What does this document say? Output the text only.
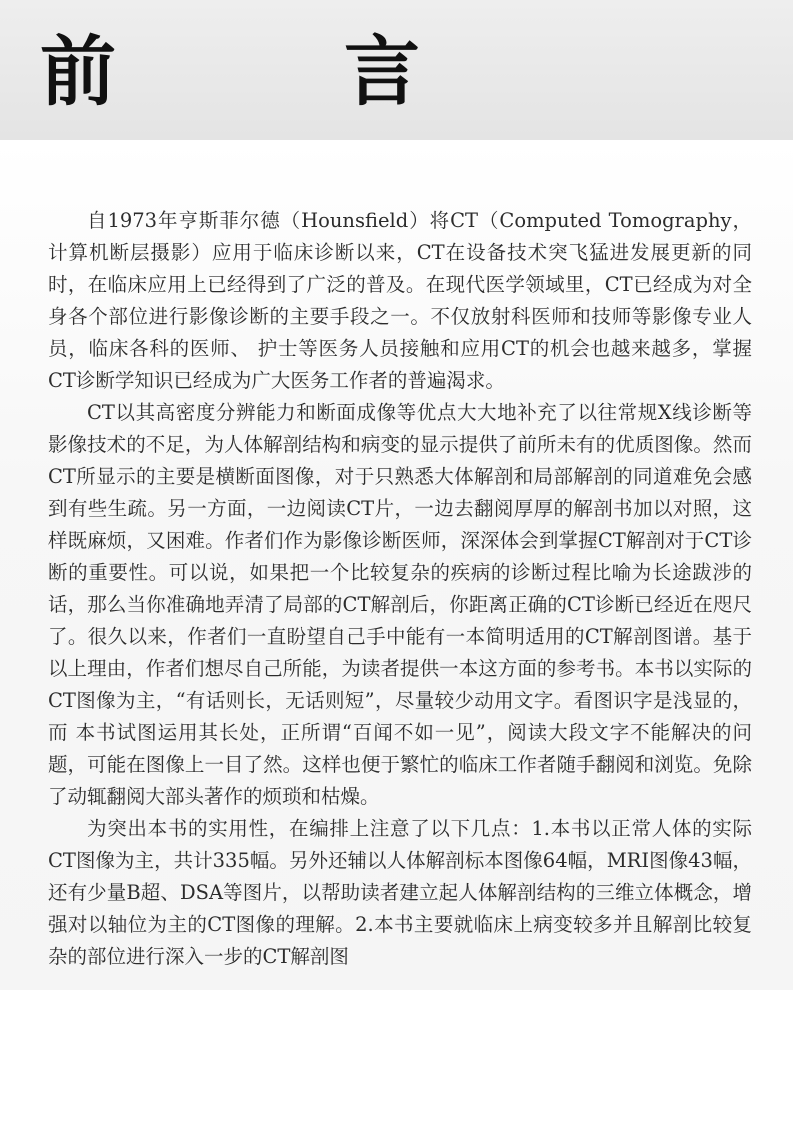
前　言

自1973年亨斯菲尔德（Hounsfield）将CT（Computed Tomography，计算机断层摄影）应用于临床诊断以来，CT在设备技术突飞猛进发展更新的同时，在临床应用上已经得到了广泛的普及。在现代医学领域里，CT已经成为对全身各个部位进行影像诊断的主要手段之一。不仅放射科医师和技师等影像专业人员，临床各科的医师、 护士等医务人员接触和应用CT的机会也越来越多，掌握CT诊断学知识已经成为广大医务工作者的普遍渴求。

CT以其高密度分辨能力和断面成像等优点大大地补充了以往常规X线诊断等影像技术的不足，为人体解剖结构和病变的显示提供了前所未有的优质图像。然而CT所显示的主要是横断面图像，对于只熟悉大体解剖和局部解剖的同道难免会感到有些生疏。另一方面，一边阅读CT片，一边去翻阅厚厚的解剖书加以对照，这样既麻烦，又困难。作者们作为影像诊断医师，深深体会到掌握CT解剖对于CT诊断的重要性。可以说，如果把一个比较复杂的疾病的诊断过程比喻为长途跋涉的话，那么当你准确地弄清了局部的CT解剖后，你距离正确的CT诊断已经近在咫尺了。很久以来，作者们一直盼望自己手中能有一本简明适用的CT解剖图谱。基于以上理由，作者们想尽自己所能，为读者提供一本这方面的参考书。本书以实际的CT图像为主，“有话则长，无话则短”，尽量较少动用文字。看图识字是浅显的，而 本书试图运用其长处，正所谓“百闻不如一见”，阅读大段文字不能解决的问题，可能在图像上一目了然。这样也便于繁忙的临床工作者随手翻阅和浏览。免除了动辄翻阅大部头著作的烦琐和枯燥。

为突出本书的实用性，在编排上注意了以下几点：1.本书以正常人体的实际CT图像为主，共计335幅。另外还辅以人体解剖标本图像64幅，MRI图像43幅，还有少量B超、DSA等图片，以帮助读者建立起人体解剖结构的三维立体概念，增强对以轴位为主的CT图像的理解。2.本书主要就临床上病变较多并且解剖比较复杂的部位进行深入一步的CT解剖图
